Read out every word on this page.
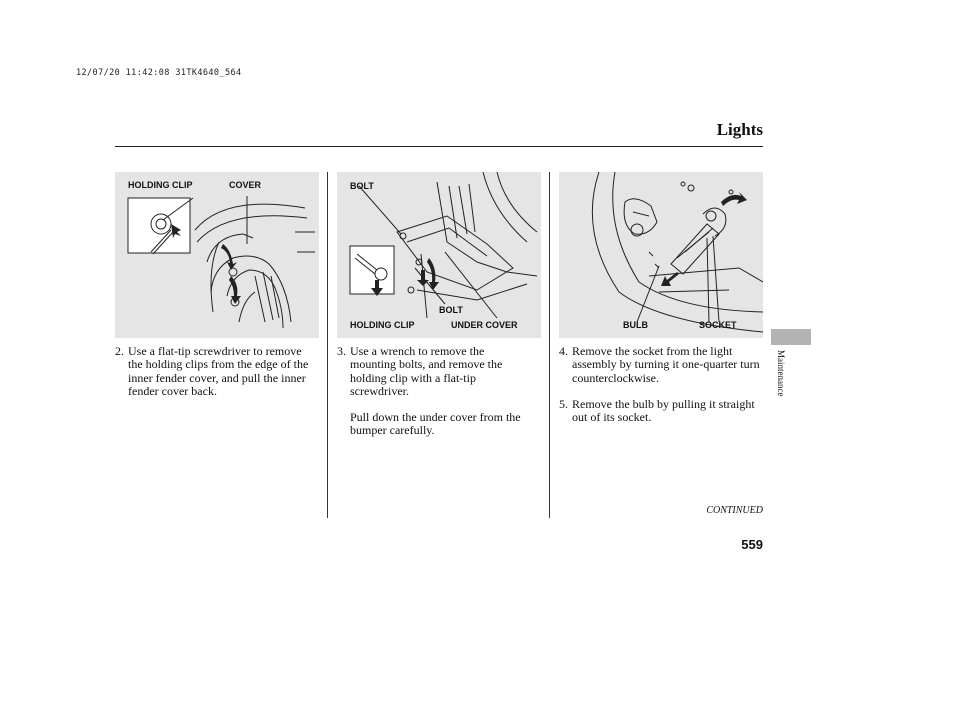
12/07/20 11:42:08 31TK4640_564
Lights
HOLDING CLIP	COVER	BOLT
BOLT
HOLDING CLIP	UNDER COVER	BULB	SOCKET
2. Use a flat-tip screwdriver to remove the holding clips from the edge of the inner fender cover, and pull the inner fender cover back.
3. Use a wrench to remove the mounting bolts, and remove the holding clip with a flat-tip screwdriver.
Pull down the under cover from the bumper carefully.
4. Remove the socket from the light assembly by turning it one-quarter turn counterclockwise.
5. Remove the bulb by pulling it straight out of its socket.
CONTINUED
559
Maintenance
